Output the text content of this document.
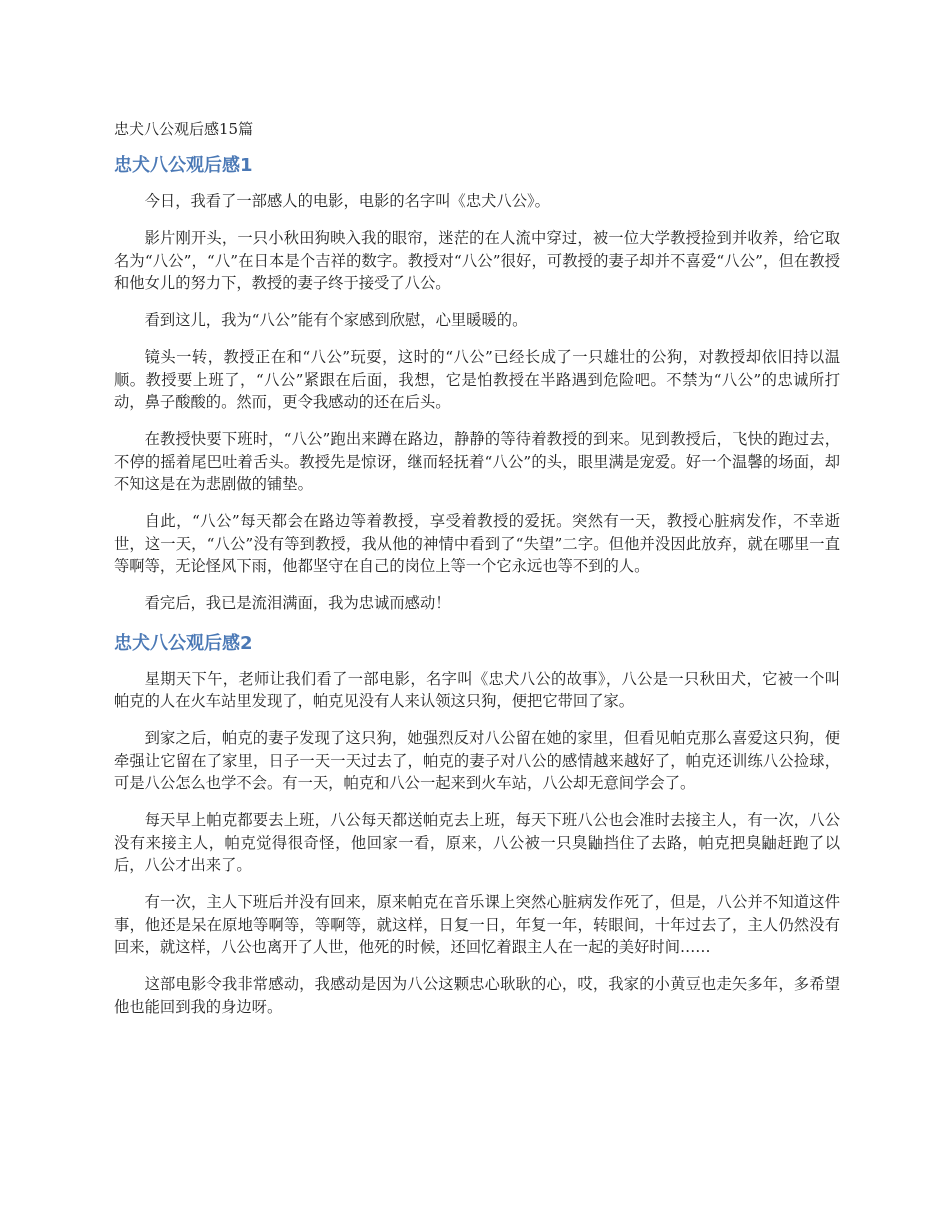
忠犬八公观后感15篇
忠犬八公观后感1

今日，我看了一部感人的电影，电影的名字叫《忠犬八公》。

影片刚开头，一只小秋田狗映入我的眼帘，迷茫的在人流中穿过，被一位大学教授捡到并收养，给它取名为“八公”，“八”在日本是个吉祥的数字。教授对“八公”很好，可教授的妻子却并不喜爱“八公”，但在教授和他女儿的努力下，教授的妻子终于接受了八公。

看到这儿，我为“八公”能有个家感到欣慰，心里暖暖的。

镜头一转，教授正在和“八公”玩耍，这时的“八公”已经长成了一只雄壮的公狗，对教授却依旧持以温顺。教授要上班了，“八公”紧跟在后面，我想，它是怕教授在半路遇到危险吧。不禁为“八公”的忠诚所打动，鼻子酸酸的。然而，更令我感动的还在后头。

在教授快要下班时，“八公”跑出来蹲在路边，静静的等待着教授的到来。见到教授后，飞快的跑过去，不停的摇着尾巴吐着舌头。教授先是惊讶，继而轻抚着“八公”的头，眼里满是宠爱。好一个温馨的场面，却不知这是在为悲剧做的铺垫。

自此，“八公”每天都会在路边等着教授，享受着教授的爱抚。突然有一天，教授心脏病发作，不幸逝世，这一天，“八公”没有等到教授，我从他的神情中看到了“失望”二字。但他并没因此放弃，就在哪里一直等啊等，无论怪风下雨，他都坚守在自己的岗位上等一个它永远也等不到的人。

看完后，我已是流泪满面，我为忠诚而感动！

忠犬八公观后感2

星期天下午，老师让我们看了一部电影，名字叫《忠犬八公的故事》，八公是一只秋田犬，它被一个叫帕克的人在火车站里发现了，帕克见没有人来认领这只狗，便把它带回了家。

到家之后，帕克的妻子发现了这只狗，她强烈反对八公留在她的家里，但看见帕克那么喜爱这只狗，便牵强让它留在了家里，日子一天一天过去了，帕克的妻子对八公的感情越来越好了，帕克还训练八公捡球，可是八公怎么也学不会。有一天，帕克和八公一起来到火车站，八公却无意间学会了。

每天早上帕克都要去上班，八公每天都送帕克去上班，每天下班八公也会准时去接主人，有一次，八公没有来接主人，帕克觉得很奇怪，他回家一看，原来，八公被一只臭鼬挡住了去路，帕克把臭鼬赶跑了以后，八公才出来了。

有一次，主人下班后并没有回来，原来帕克在音乐课上突然心脏病发作死了，但是，八公并不知道这件事，他还是呆在原地等啊等，等啊等，就这样，日复一日，年复一年，转眼间，十年过去了，主人仍然没有回来，就这样，八公也离开了人世，他死的时候，还回忆着跟主人在一起的美好时间……

这部电影令我非常感动，我感动是因为八公这颗忠心耿耿的心，哎，我家的小黄豆也走矢多年，多希望他也能回到我的身边呀。
